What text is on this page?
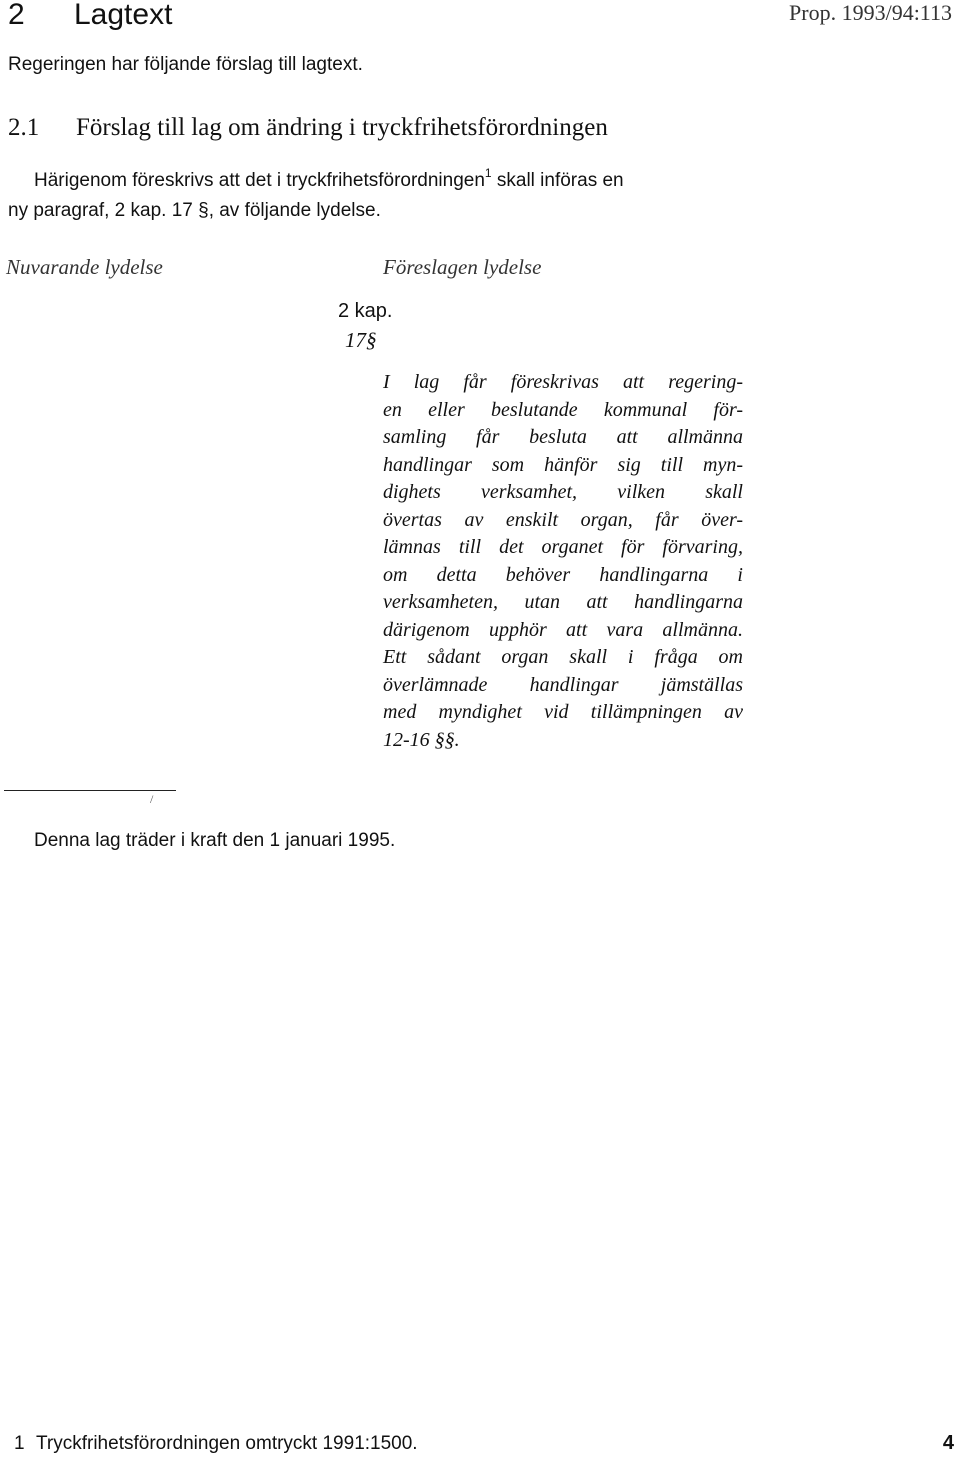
2 Lagtext	Prop. 1993/94:113
Regeringen har följande förslag till lagtext.
2.1 Förslag till lag om ändring i tryckfrihetsförordningen
Härigenom föreskrivs att det i tryckfrihetsförordningen$^1$ skall införas en
ny paragraf, 2 kap. 17 §, av följande lydelse.
Nuvarande lydelse	Föreslagen lydelse
2 kap.
17§
I lag får föreskrivas att regering-
en eller beslutande kommunal för-
samling får besluta att allmänna
handlingar som hänför sig till myn-
dighets verksamhet, vilken skall
övertas av enskilt organ, får över-
lämnas till det organet för förvaring,
om detta behöver handlingarna i
verksamheten, utan att handlingarna
därigenom upphör att vara allmänna.
Ett sådant organ skall i fråga om
överlämnade handlingar jämställas
med myndighet vid tillämpningen av
12-16 §§.
/
Denna lag träder i kraft den 1 januari 1995.
1 Tryckfrihetsförordningen omtryckt 1991:1500.	4
